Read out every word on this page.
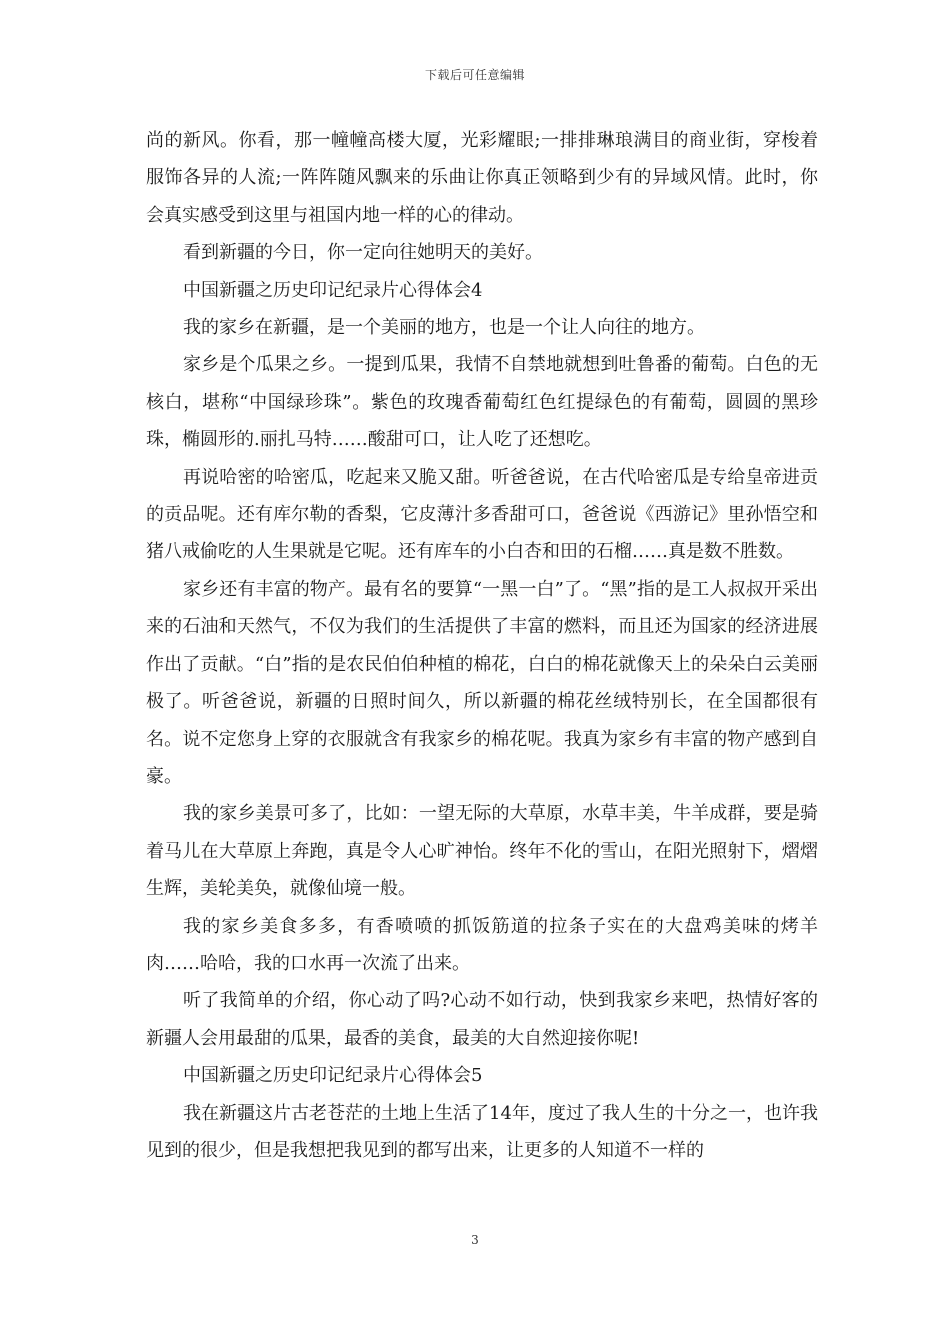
下载后可任意编辑

尚的新风。你看，那一幢幢高楼大厦，光彩耀眼;一排排琳琅满目的商业街，穿梭着服饰各异的人流;一阵阵随风飘来的乐曲让你真正领略到少有的异域风情。此时，你会真实感受到这里与祖国内地一样的心的律动。

看到新疆的今日，你一定向往她明天的美好。

中国新疆之历史印记纪录片心得体会4

我的家乡在新疆，是一个美丽的地方，也是一个让人向往的地方。

家乡是个瓜果之乡。一提到瓜果，我情不自禁地就想到吐鲁番的葡萄。白色的无核白，堪称“中国绿珍珠”。紫色的玫瑰香葡萄红色红提绿色的有葡萄，圆圆的黑珍珠，椭圆形的.丽扎马特……酸甜可口，让人吃了还想吃。

再说哈密的哈密瓜，吃起来又脆又甜。听爸爸说，在古代哈密瓜是专给皇帝进贡的贡品呢。还有库尔勒的香梨，它皮薄汁多香甜可口，爸爸说《西游记》里孙悟空和猪八戒偷吃的人生果就是它呢。还有库车的小白杏和田的石榴……真是数不胜数。

家乡还有丰富的物产。最有名的要算“一黑一白”了。“黑”指的是工人叔叔开采出来的石油和天然气，不仅为我们的生活提供了丰富的燃料，而且还为国家的经济进展作出了贡献。“白”指的是农民伯伯种植的棉花，白白的棉花就像天上的朵朵白云美丽极了。听爸爸说，新疆的日照时间久，所以新疆的棉花丝绒特别长，在全国都很有名。说不定您身上穿的衣服就含有我家乡的棉花呢。我真为家乡有丰富的物产感到自豪。

我的家乡美景可多了，比如：一望无际的大草原，水草丰美，牛羊成群，要是骑着马儿在大草原上奔跑，真是令人心旷神怡。终年不化的雪山，在阳光照射下，熠熠生辉，美轮美奂，就像仙境一般。

我的家乡美食多多，有香喷喷的抓饭筋道的拉条子实在的大盘鸡美味的烤羊肉……哈哈，我的口水再一次流了出来。

听了我简单的介绍，你心动了吗?心动不如行动，快到我家乡来吧，热情好客的新疆人会用最甜的瓜果，最香的美食，最美的大自然迎接你呢!

中国新疆之历史印记纪录片心得体会5

我在新疆这片古老苍茫的土地上生活了14年，度过了我人生的十分之一，也许我见到的很少，但是我想把我见到的都写出来，让更多的人知道不一样的

3
